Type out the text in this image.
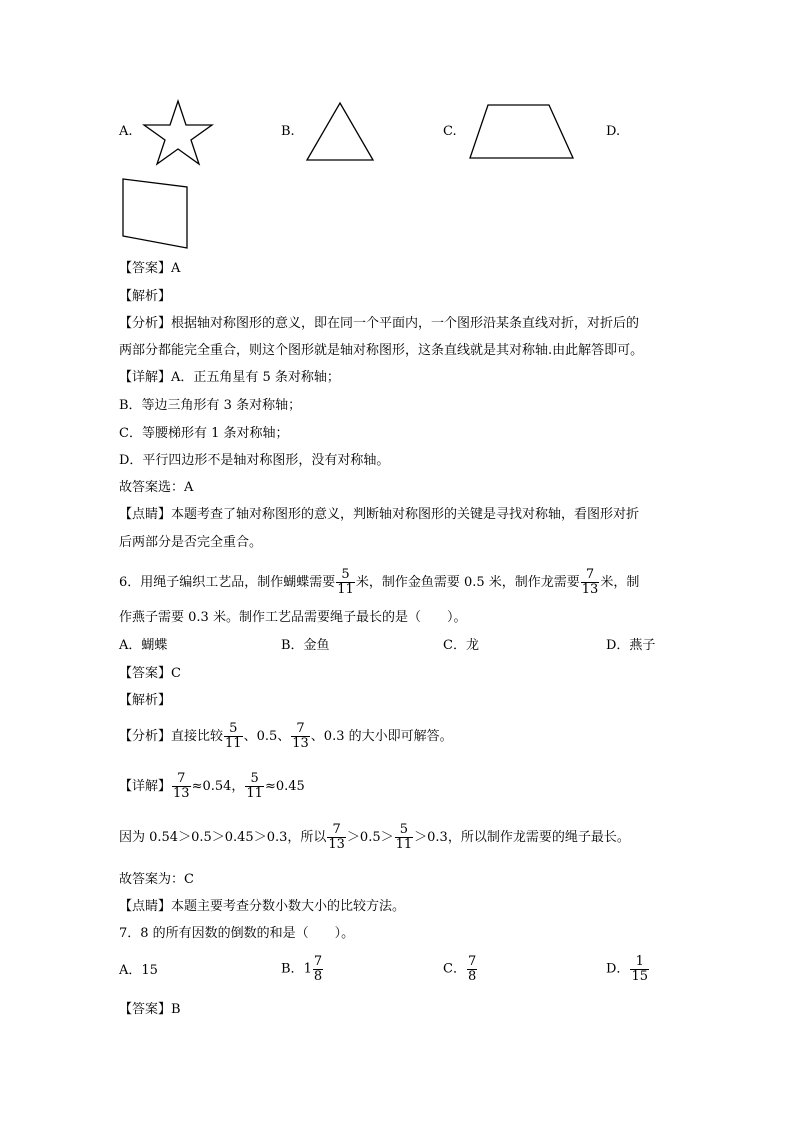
A.	B.	C.	D.
【答案】A
【解析】
【分析】根据轴对称图形的意义，即在同一个平面内，一个图形沿某条直线对折，对折后的
两部分都能完全重合，则这个图形就是轴对称图形，这条直线就是其对称轴.由此解答即可。
【详解】A．正五角星有 5 条对称轴；
B．等边三角形有 3 条对称轴；
C．等腰梯形有 1 条对称轴；
D．平行四边形不是轴对称图形，没有对称轴。
故答案选：A
【点睛】本题考查了轴对称图形的意义，判断轴对称图形的关键是寻找对称轴，看图形对折
后两部分是否完全重合。
6．用绳子编织工艺品，制作蝴蝶需要 $\frac{5}{11}$ 米，制作金鱼需要 0.5 米，制作龙需要 $\frac{7}{13}$ 米，制
作燕子需要 0.3 米。制作工艺品需要绳子最长的是（　　）。
A．蝴蝶	B．金鱼	C．龙	D．燕子
【答案】C
【解析】
【分析】直接比较 $\frac{5}{11}$ 、0.5、 $\frac{7}{13}$ 、0.3 的大小即可解答。
【详解】 $\frac{7}{13} \approx 0.54$， $\frac{5}{11} \approx 0.45$
因为 0.54＞0.5＞0.45＞0.3，所以 $\frac{7}{13} >0.5> \frac{5}{11} >0.3$，所以制作龙需要的绳子最长。
故答案为：C
【点睛】本题主要考查分数小数大小的比较方法。
7．8 的所有因数的倒数的和是（　　）。
A．15	B．$1 \frac{7}{8}$	C． $\frac{7}{8}$	D． $\frac{1}{15}$
【答案】B
